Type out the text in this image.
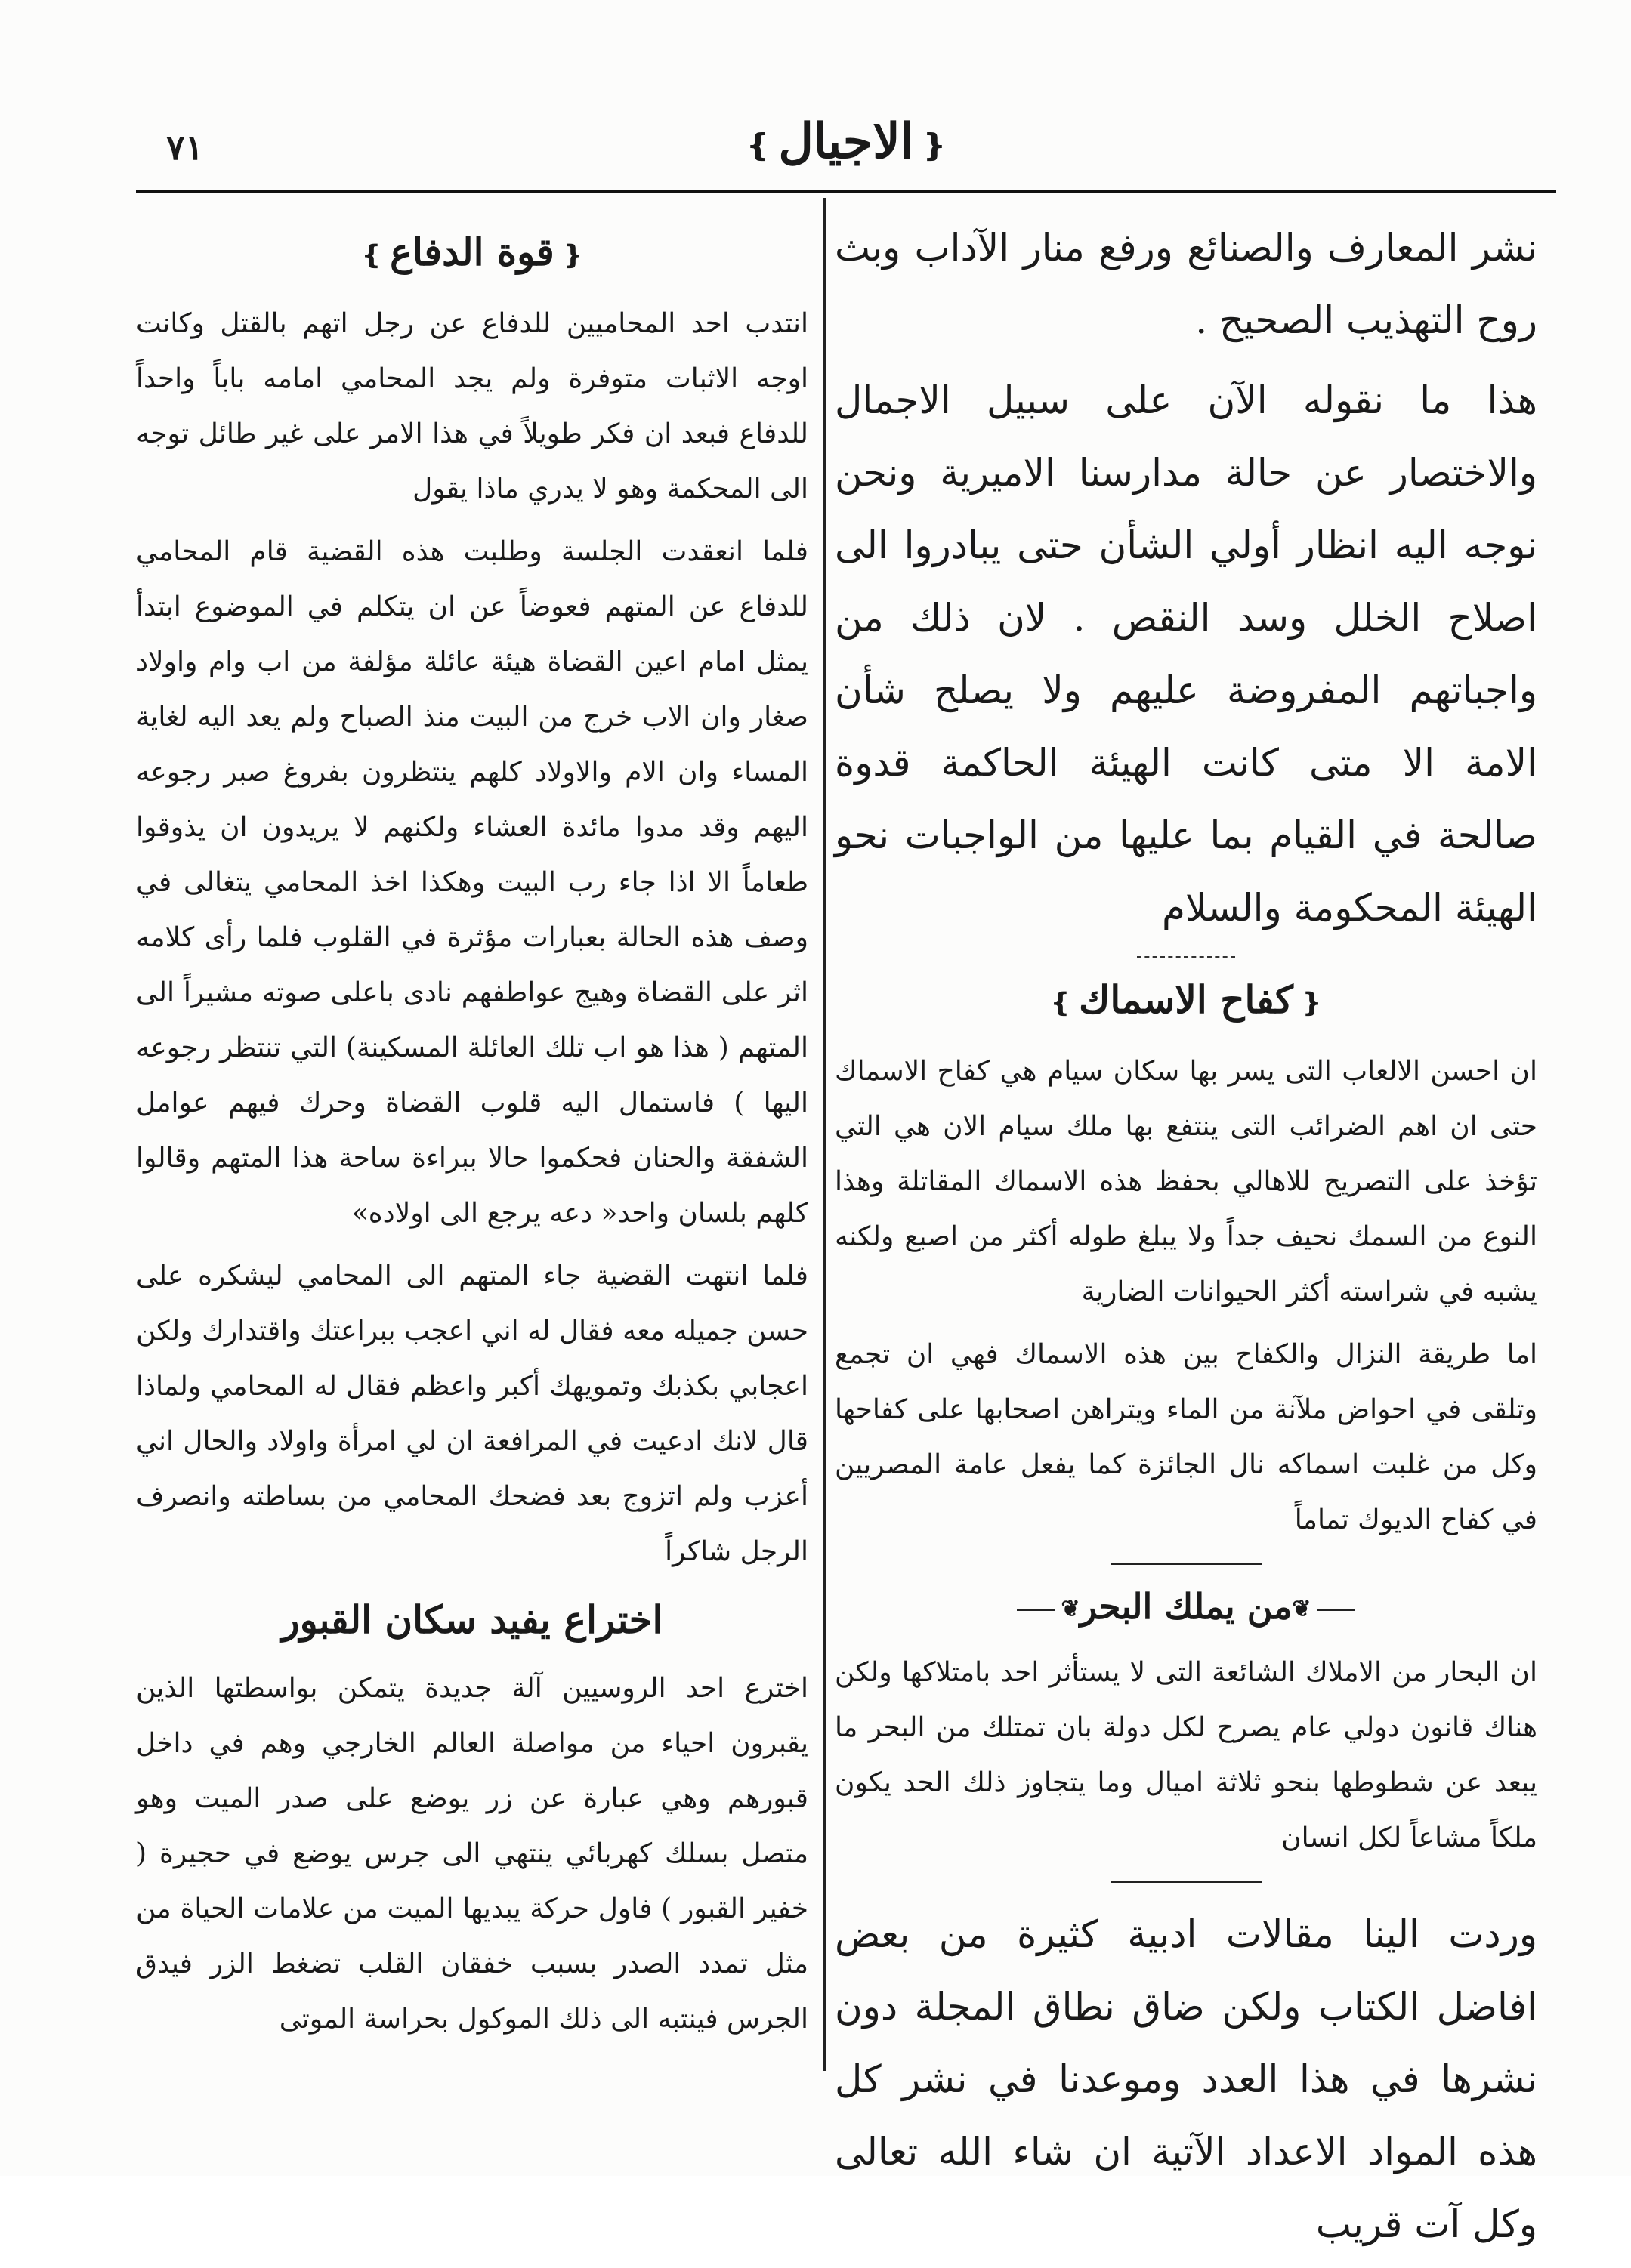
٧١	❴الاجيال❵

نشر المعارف والصنائع ورفع منار الآداب وبث روح التهذيب الصحيح .

هذا ما نقوله الآن على سبيل الاجمال والاختصار عن حالة مدارسنا الاميرية ونحن نوجه اليه انظار أولي الشأن حتى يبادروا الى اصلاح الخلل وسد النقص . لان ذلك من واجباتهم المفروضة عليهم ولا يصلح شأن الامة الا متى كانت الهيئة الحاكمة قدوة صالحة في القيام بما عليها من الواجبات نحو الهيئة المحكومة والسلام

❴كفاح الاسماك❵

ان احسن الالعاب التى يسر بها سكان سيام هي كفاح الاسماك حتى ان اهم الضرائب التى ينتفع بها ملك سيام الان هي التي تؤخذ على التصريح للاهالي بحفظ هذه الاسماك المقاتلة وهذا النوع من السمك نحيف جداً ولا يبلغ طوله أكثر من اصبع ولكنه يشبه في شراسته أكثر الحيوانات الضارية

اما طريقة النزال والكفاح بين هذه الاسماك فهي ان تجمع وتلقى في احواض ملآنة من الماء ويتراهن اصحابها على كفاحها وكل من غلبت اسماكه نال الجائزة كما يفعل عامة المصريين في كفاح الديوك تماماً

❦من يملك البحر❦

ان البحار من الاملاك الشائعة التى لا يستأثر احد بامتلاكها ولكن هناك قانون دولي عام يصرح لكل دولة بان تمتلك من البحر ما يبعد عن شطوطها بنحو ثلاثة اميال وما يتجاوز ذلك الحد يكون ملكاً مشاعاً لكل انسان

وردت الينا مقالات ادبية كثيرة من بعض افاضل الكتاب ولكن ضاق نطاق المجلة دون نشرها في هذا العدد وموعدنا في نشر كل هذه المواد الاعداد الآتية ان شاء الله تعالى وكل آت قريب

❴قوة الدفاع❵

انتدب احد المحاميين للدفاع عن رجل اتهم بالقتل وكانت اوجه الاثبات متوفرة ولم يجد المحامي امامه باباً واحداً للدفاع فبعد ان فكر طويلاً في هذا الامر على غير طائل توجه الى المحكمة وهو لا يدري ماذا يقول

فلما انعقدت الجلسة وطلبت هذه القضية قام المحامي للدفاع عن المتهم فعوضاً عن ان يتكلم في الموضوع ابتدأ يمثل امام اعين القضاة هيئة عائلة مؤلفة من اب وام واولاد صغار وان الاب خرج من البيت منذ الصباح ولم يعد اليه لغاية المساء وان الام والاولاد كلهم ينتظرون بفروغ صبر رجوعه اليهم وقد مدوا مائدة العشاء ولكنهم لا يريدون ان يذوقوا طعاماً الا اذا جاء رب البيت وهكذا اخذ المحامي يتغالى في وصف هذه الحالة بعبارات مؤثرة في القلوب فلما رأى كلامه اثر على القضاة وهيج عواطفهم نادى باعلى صوته مشيراً الى المتهم ( هذا هو اب تلك العائلة المسكينة) التي تنتظر رجوعه اليها ) فاستمال اليه قلوب القضاة وحرك فيهم عوامل الشفقة والحنان فحكموا حالا ببراءة ساحة هذا المتهم وقالوا كلهم بلسان واحد« دعه يرجع الى اولاده»

فلما انتهت القضية جاء المتهم الى المحامي ليشكره على حسن جميله معه فقال له اني اعجب ببراعتك واقتدارك ولكن اعجابي بكذبك وتمويهك أكبر واعظم فقال له المحامي ولماذا قال لانك ادعيت في المرافعة ان لي امرأة واولاد والحال اني أعزب ولم اتزوج بعد فضحك المحامي من بساطته وانصرف الرجل شاكراً

اختراع يفيد سكان القبور

اخترع احد الروسيين آلة جديدة يتمكن بواسطتها الذين يقبرون احياء من مواصلة العالم الخارجي وهم في داخل قبورهم وهي عبارة عن زر يوضع على صدر الميت وهو متصل بسلك كهربائي ينتهي الى جرس يوضع في حجيرة ( خفير القبور ) فاول حركة يبديها الميت من علامات الحياة من مثل تمدد الصدر بسبب خفقان القلب تضغط الزر فيدق الجرس فينتبه الى ذلك الموكول بحراسة الموتى
